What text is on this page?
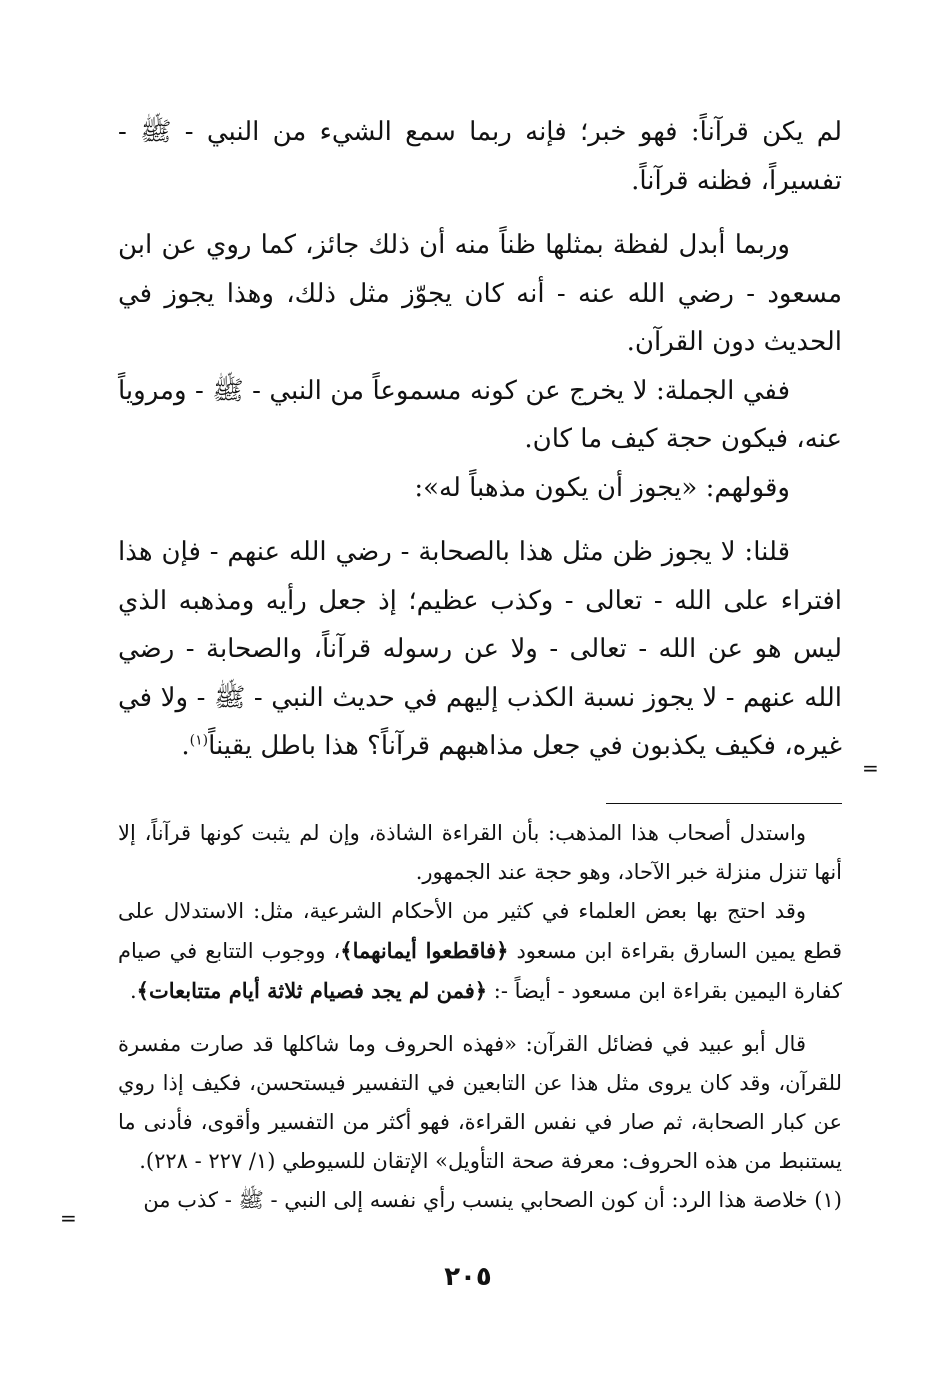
لم يكن قرآناً: فهو خبر؛ فإنه ربما سمع الشيء من النبي - ﷺ - تفسيراً، فظنه قرآناً.

وربما أبدل لفظة بمثلها ظناً منه أن ذلك جائز، كما روي عن ابن مسعود - رضي الله عنه - أنه كان يجوّز مثل ذلك، وهذا يجوز في الحديث دون القرآن.

ففي الجملة: لا يخرج عن كونه مسموعاً من النبي - ﷺ - ومروياً عنه، فيكون حجة كيف ما كان.

وقولهم: «يجوز أن يكون مذهباً له»:

قلنا: لا يجوز ظن مثل هذا بالصحابة - رضي الله عنهم - فإن هذا افتراء على الله - تعالى - وكذب عظيم؛ إذ جعل رأيه ومذهبه الذي ليس هو عن الله - تعالى - ولا عن رسوله قرآناً، والصحابة - رضي الله عنهم - لا يجوز نسبة الكذب إليهم في حديث النبي - ﷺ - ولا في غيره، فكيف يكذبون في جعل مذاهبهم قرآناً؟ هذا باطل يقيناً$^{(١)}$.

واستدل أصحاب هذا المذهب: بأن القراءة الشاذة، وإن لم يثبت كونها قرآناً، إلا أنها تنزل منزلة خبر الآحاد، وهو حجة عند الجمهور.

وقد احتج بها بعض العلماء في كثير من الأحكام الشرعية، مثل: الاستدلال على قطع يمين السارق بقراءة ابن مسعود ﴿فاقطعوا أيمانهما﴾، ووجوب التتابع في صيام كفارة اليمين بقراءة ابن مسعود - أيضاً -: ﴿فمن لم يجد فصيام ثلاثة أيام متتابعات﴾.

قال أبو عبيد في فضائل القرآن: «فهذه الحروف وما شاكلها قد صارت مفسرة للقرآن، وقد كان يروى مثل هذا عن التابعين في التفسير فيستحسن، فكيف إذا روي عن كبار الصحابة، ثم صار في نفس القراءة، فهو أكثر من التفسير وأقوى، فأدنى ما يستنبط من هذه الحروف: معرفة صحة التأويل» الإتقان للسيوطي (١/ ٢٢٧ - ٢٢٨).

(١) خلاصة هذا الرد: أن كون الصحابي ينسب رأي نفسه إلى النبي - ﷺ - كذب من

=
=
٢٠٥
